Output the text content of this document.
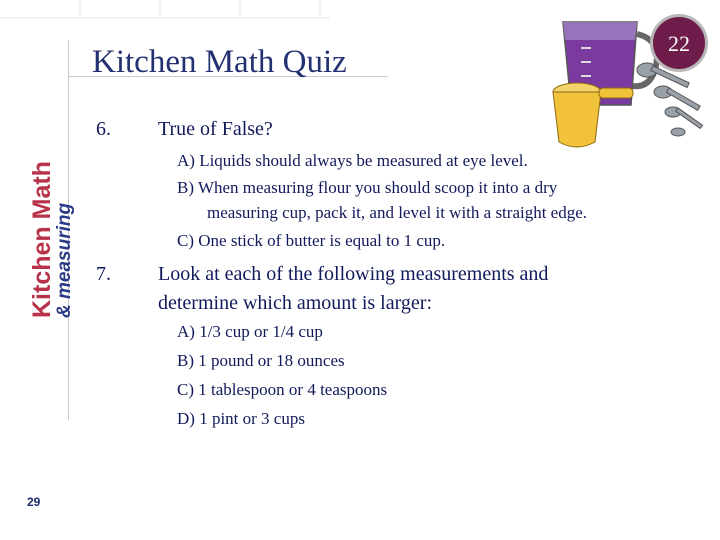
Kitchen Math
& measuring
Kitchen Math Quiz
22
6. True of False?
A) Liquids should always be measured at eye level.
B) When measuring flour you should scoop it into a dry
measuring cup, pack it, and level it with a straight edge.
C) One stick of butter is equal to 1 cup.
7. Look at each of the following measurements and
determine which amount is larger:
A) 1/3 cup or 1/4 cup
B) 1 pound or 18 ounces
C) 1 tablespoon or 4 teaspoons
D) 1 pint or 3 cups
29
